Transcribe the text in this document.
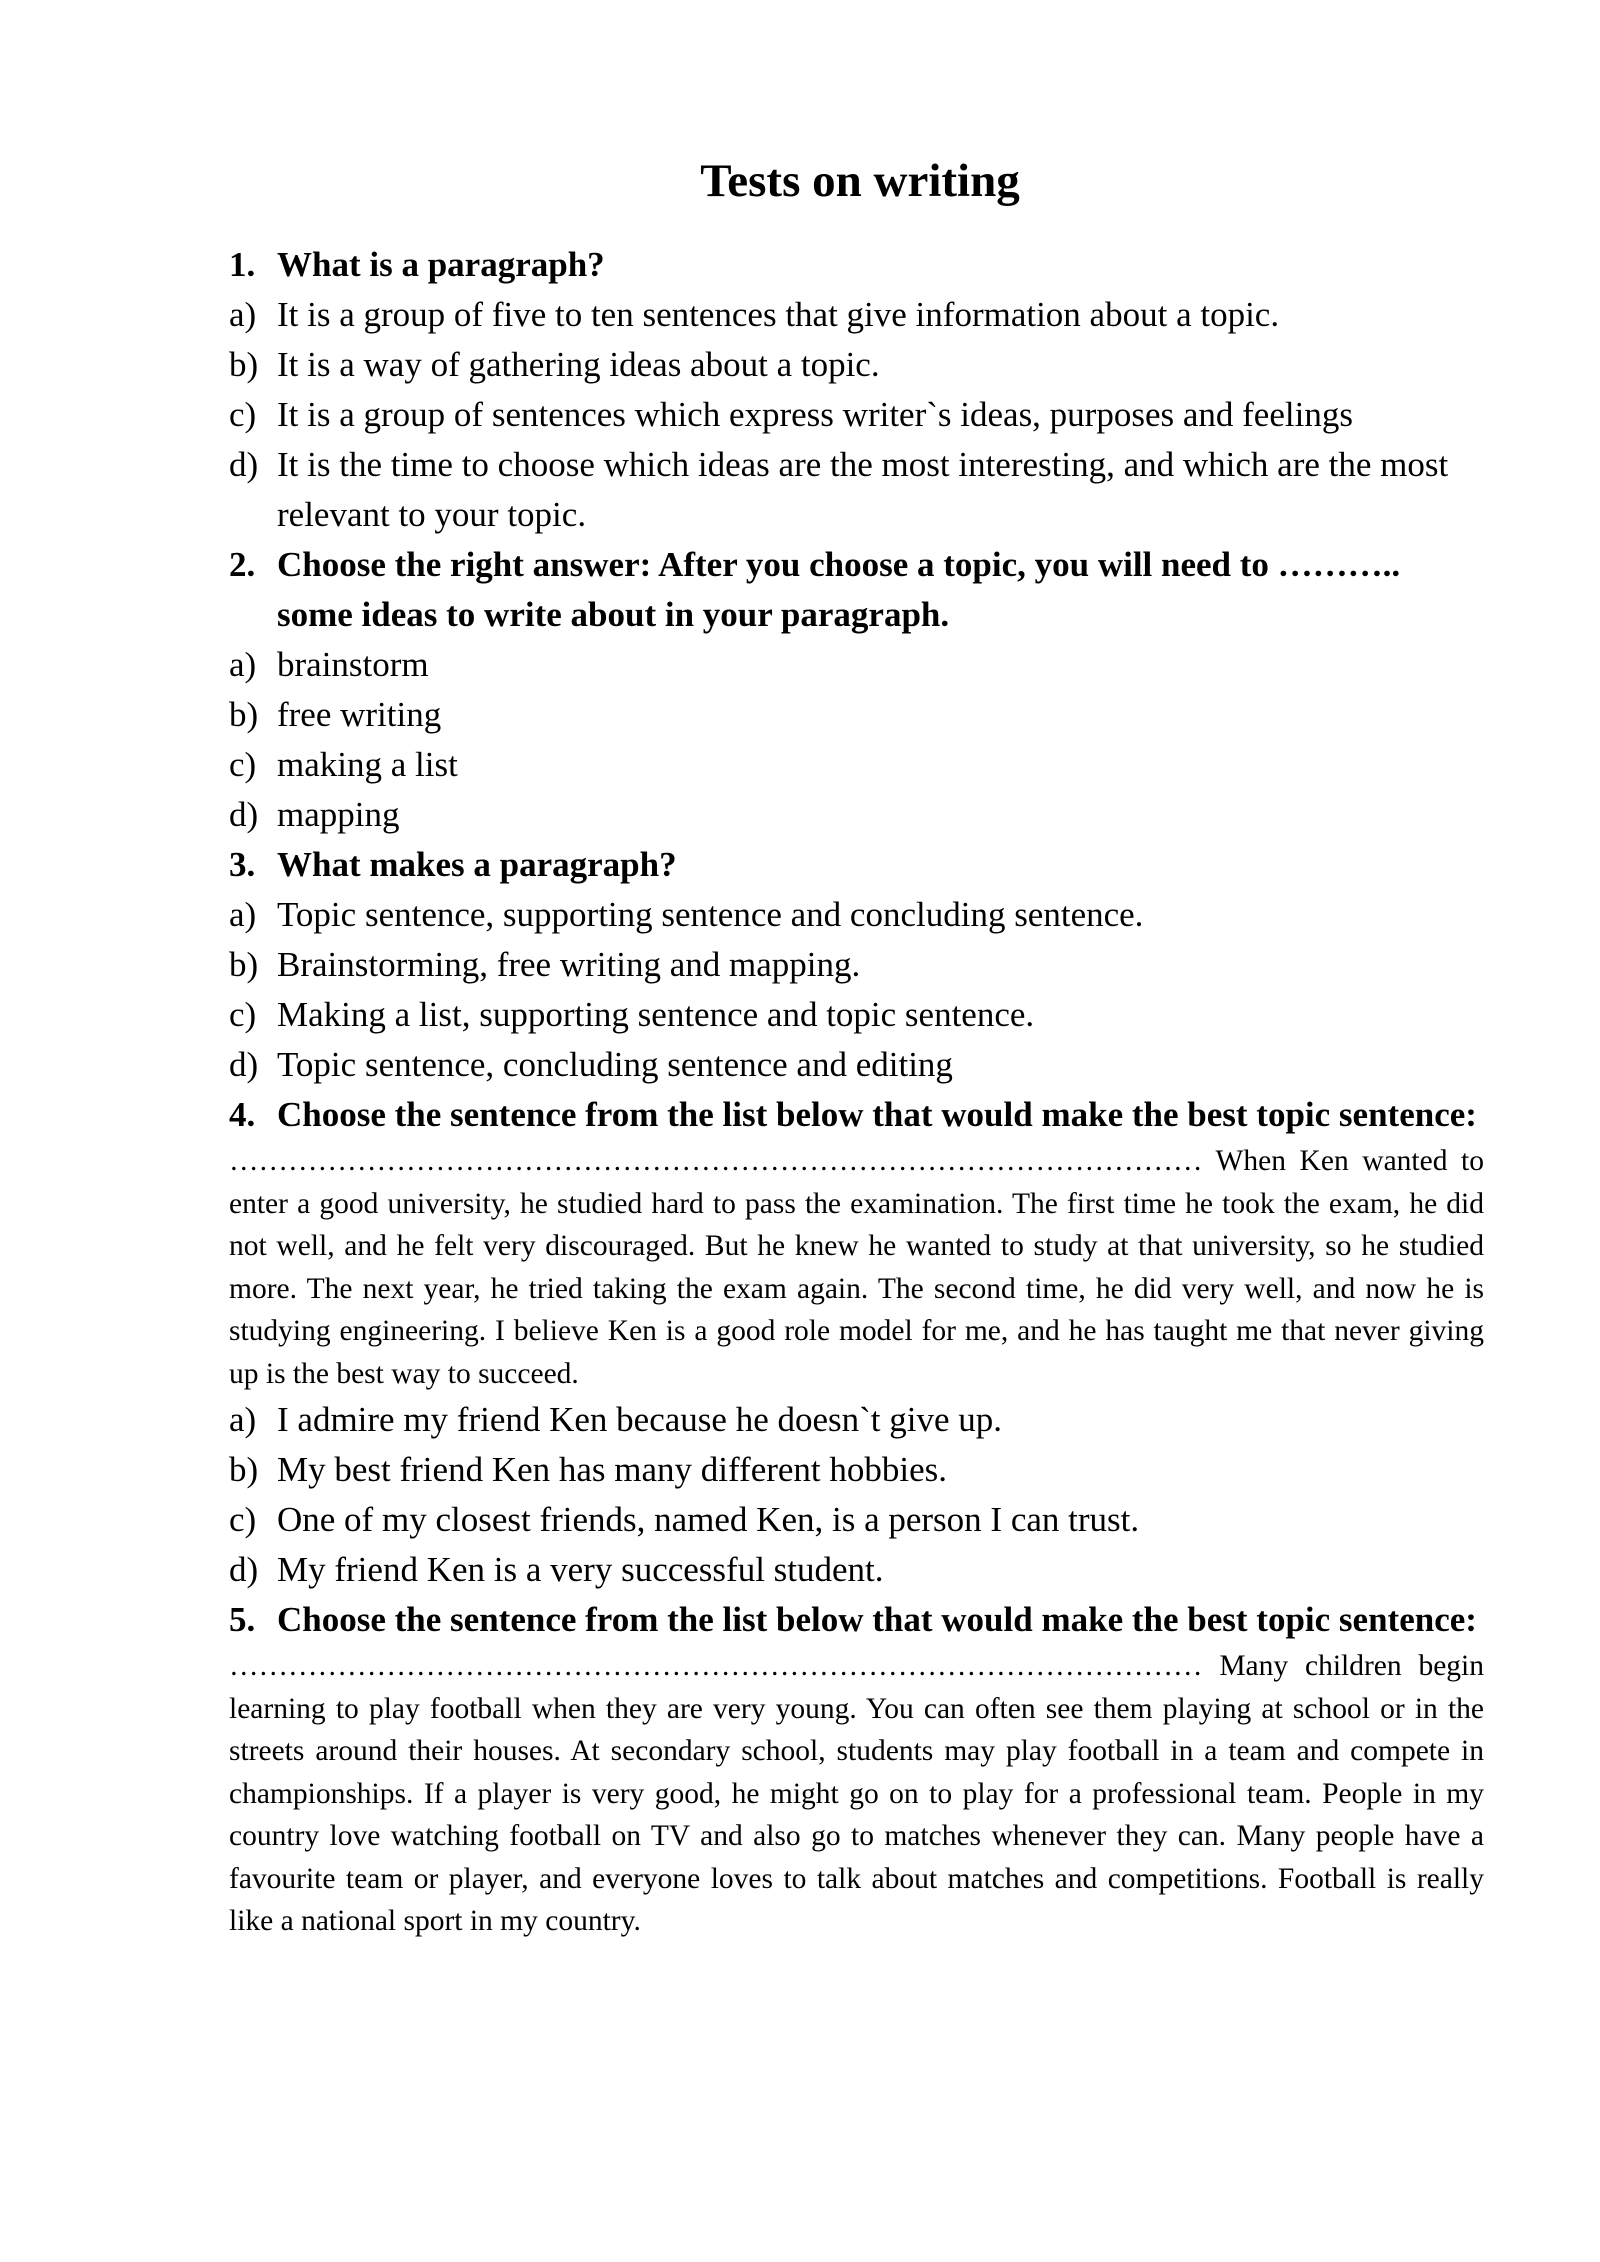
Tests on writing
1. What is a paragraph?
a) It is a group of five to ten sentences that give information about a topic.
b) It is a way of gathering ideas about a topic.
c) It is a group of sentences which express writer`s ideas, purposes and feelings
d) It is the time to choose which ideas are the most interesting, and which are the most relevant to your topic.
2. Choose the right answer: After you choose a topic, you will need to ……….. some ideas to write about in your paragraph.
a) brainstorm
b) free writing
c) making a list
d) mapping
3. What makes a paragraph?
a) Topic sentence, supporting sentence and concluding sentence.
b) Brainstorming, free writing and mapping.
c) Making a list, supporting sentence and topic sentence.
d) Topic sentence, concluding sentence and editing
4. Choose the sentence from the list below that would make the best topic sentence:
……………………………………………………………………………………… When Ken wanted to enter a good university, he studied hard to pass the examination. The first time he took the exam, he did not well, and he felt very discouraged. But he knew he wanted to study at that university, so he studied more. The next year, he tried taking the exam again. The second time, he did very well, and now he is studying engineering. I believe Ken is a good role model for me, and he has taught me that never giving up is the best way to succeed.
a) I admire my friend Ken because he doesn`t give up.
b) My best friend Ken has many different hobbies.
c) One of my closest friends, named Ken, is a person I can trust.
d) My friend Ken is a very successful student.
5. Choose the sentence from the list below that would make the best topic sentence:
……………………………………………………………………………………… Many children begin learning to play football when they are very young. You can often see them playing at school or in the streets around their houses. At secondary school, students may play football in a team and compete in championships. If a player is very good, he might go on to play for a professional team. People in my country love watching football on TV and also go to matches whenever they can. Many people have a favourite team or player, and everyone loves to talk about matches and competitions. Football is really like a national sport in my country.
